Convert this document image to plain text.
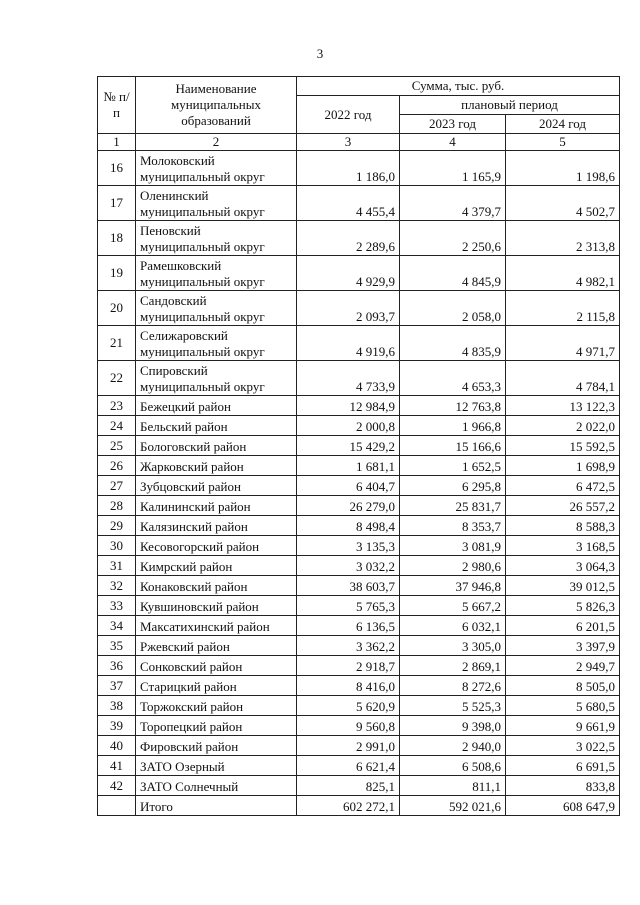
3
№ п/п	Наименование муниципальных образований	Сумма, тыс. руб.		
		2022 год	плановый период	
			2023 год	2024 год
1	2	3	4	5
16	Молоковский муниципальный округ	1 186,0	1 165,9	1 198,6
17	Оленинский муниципальный округ	4 455,4	4 379,7	4 502,7
18	Пеновский муниципальный округ	2 289,6	2 250,6	2 313,8
19	Рамешковский муниципальный округ	4 929,9	4 845,9	4 982,1
20	Сандовский муниципальный округ	2 093,7	2 058,0	2 115,8
21	Селижаровский муниципальный округ	4 919,6	4 835,9	4 971,7
22	Спировский муниципальный округ	4 733,9	4 653,3	4 784,1
23	Бежецкий район	12 984,9	12 763,8	13 122,3
24	Бельский район	2 000,8	1 966,8	2 022,0
25	Бологовский район	15 429,2	15 166,6	15 592,5
26	Жарковский район	1 681,1	1 652,5	1 698,9
27	Зубцовский район	6 404,7	6 295,8	6 472,5
28	Калининский район	26 279,0	25 831,7	26 557,2
29	Калязинский район	8 498,4	8 353,7	8 588,3
30	Кесовогорский район	3 135,3	3 081,9	3 168,5
31	Кимрский район	3 032,2	2 980,6	3 064,3
32	Конаковский район	38 603,7	37 946,8	39 012,5
33	Кувшиновский район	5 765,3	5 667,2	5 826,3
34	Максатихинский район	6 136,5	6 032,1	6 201,5
35	Ржевский район	3 362,2	3 305,0	3 397,9
36	Сонковский район	2 918,7	2 869,1	2 949,7
37	Старицкий район	8 416,0	8 272,6	8 505,0
38	Торжокский район	5 620,9	5 525,3	5 680,5
39	Торопецкий район	9 560,8	9 398,0	9 661,9
40	Фировский район	2 991,0	2 940,0	3 022,5
41	ЗАТО Озерный	6 621,4	6 508,6	6 691,5
42	ЗАТО Солнечный	825,1	811,1	833,8
	Итого	602 272,1	592 021,6	608 647,9
